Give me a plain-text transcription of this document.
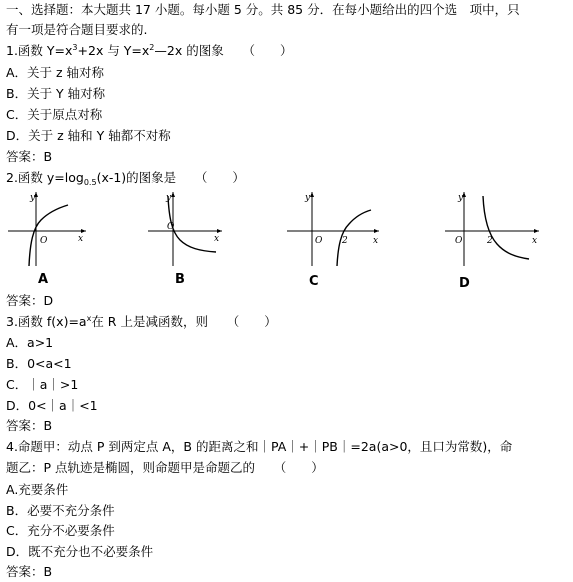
一、选择题：本大题共 17 小题。每小题 5 分。共 85 分．在每小题给出的四个选　项中，只
有一项是符合题目要求的.
1.函数 $Y=x^3+2x$ 与 $Y=x^2—2x$ 的图象　　（　　）
A．关于 z 轴对称
B．关于 Y 轴对称
C．关于原点对称
D．关于 z 轴和 Y 轴都不对称
答案：B
2.函数 $y=\log_{0.5}(x-1)$的图象是　　（　　）
y
x
O
A
y
x
O
B
y
x
O 2
C
y
x
O	2
D
答案：D
3.函数 $f(x)=a^x$在 R 上是减函数，则　　（　　）
A．a>1
B．0<a<1
C．｜a｜>1
D．0<｜a｜<1
答案：B
4.命题甲：动点 P 到两定点 A，B 的距离之和｜PA｜+｜PB｜=2a(a>0，且口为常数)，命
题乙：P 点轨迹是椭圆，则命题甲是命题乙的　　（　　）
A.充要条件
B．必要不充分条件
C．充分不必要条件
D．既不充分也不必要条件
答案：B
